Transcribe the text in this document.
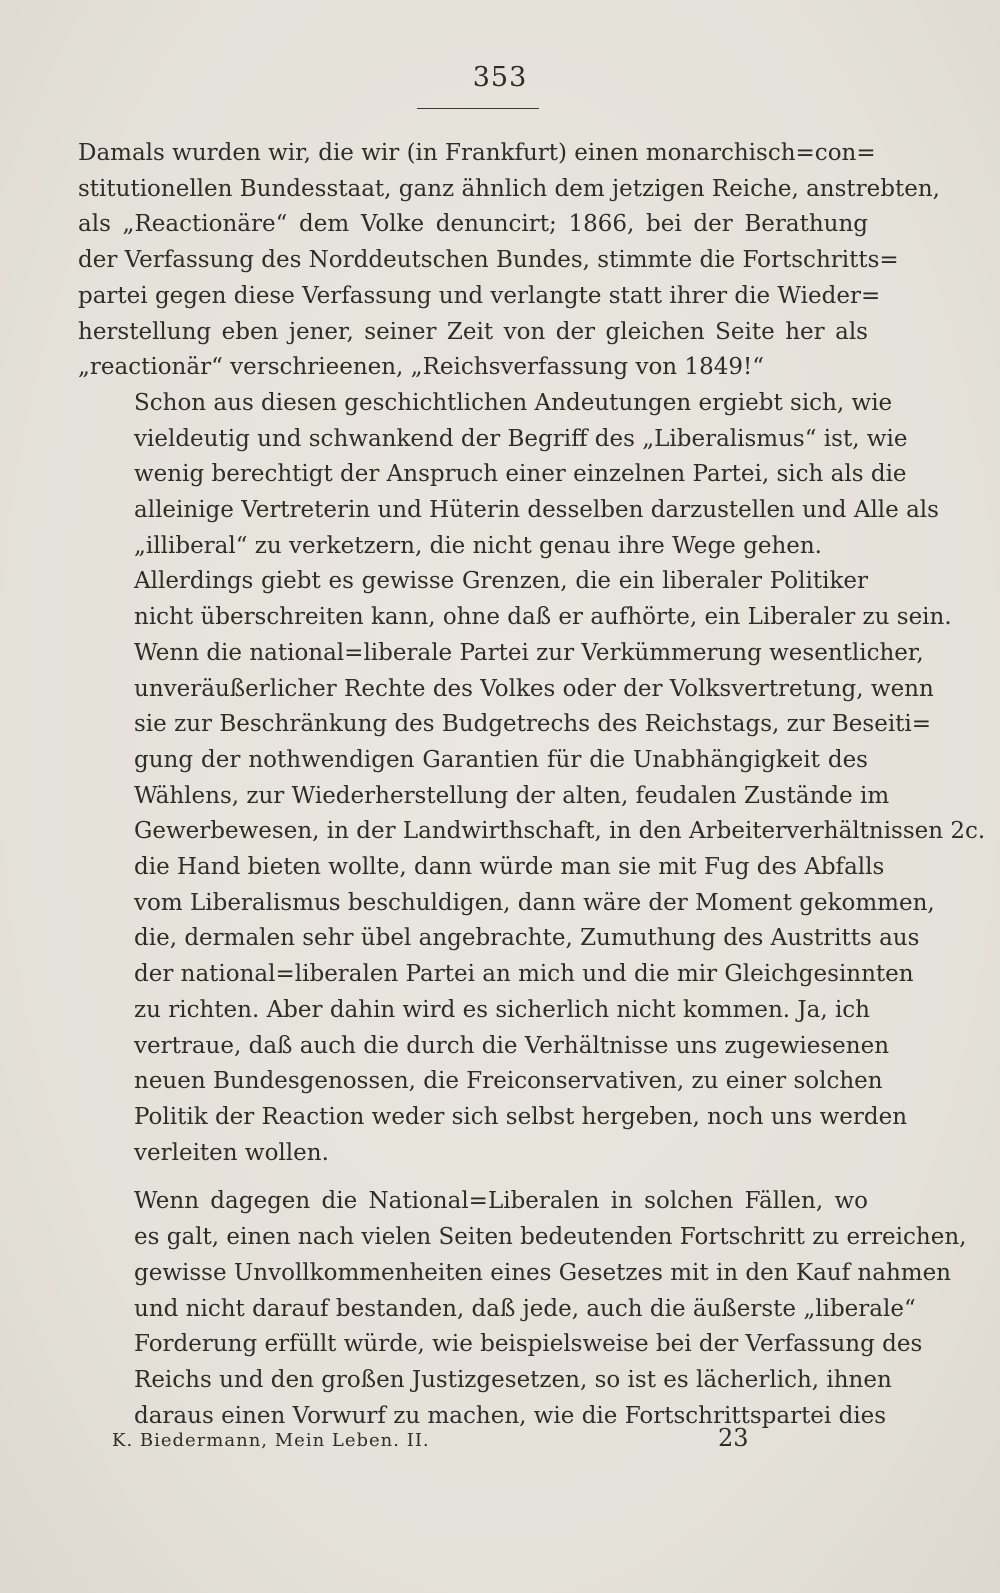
353

Damals wurden wir, die wir (in Frankfurt) einen monarchisch=con=
stitutionellen Bundesstaat, ganz ähnlich dem jetzigen Reiche, anstrebten,
als „Reactionäre“ dem Volke denuncirt; 1866, bei der Berathung
der Verfassung des Norddeutschen Bundes, stimmte die Fortschritts=
partei gegen diese Verfassung und verlangte statt ihrer die Wieder=
herstellung eben jener, seiner Zeit von der gleichen Seite her als
„reactionär“ verschrieenen, „Reichsverfassung von 1849!“

Schon aus diesen geschichtlichen Andeutungen ergiebt sich, wie
vieldeutig und schwankend der Begriff des „Liberalismus“ ist, wie
wenig berechtigt der Anspruch einer einzelnen Partei, sich als die
alleinige Vertreterin und Hüterin desselben darzustellen und Alle als
„illiberal“ zu verketzern, die nicht genau ihre Wege gehen.

Allerdings giebt es gewisse Grenzen, die ein liberaler Politiker
nicht überschreiten kann, ohne daß er aufhörte, ein Liberaler zu sein.
Wenn die national=liberale Partei zur Verkümmerung wesentlicher,
unveräußerlicher Rechte des Volkes oder der Volksvertretung, wenn
sie zur Beschränkung des Budgetrechs des Reichstags, zur Beseiti=
gung der nothwendigen Garantien für die Unabhängigkeit des
Wählens, zur Wiederherstellung der alten, feudalen Zustände im
Gewerbewesen, in der Landwirthschaft, in den Arbeiterverhältnissen 2c.
die Hand bieten wollte, dann würde man sie mit Fug des Abfalls
vom Liberalismus beschuldigen, dann wäre der Moment gekommen,
die, dermalen sehr übel angebrachte, Zumuthung des Austritts aus
der national=liberalen Partei an mich und die mir Gleichgesinnten
zu richten. Aber dahin wird es sicherlich nicht kommen. Ja, ich
vertraue, daß auch die durch die Verhältnisse uns zugewiesenen
neuen Bundesgenossen, die Freiconservativen, zu einer solchen
Politik der Reaction weder sich selbst hergeben, noch uns werden
verleiten wollen.

Wenn dagegen die National=Liberalen in solchen Fällen, wo
es galt, einen nach vielen Seiten bedeutenden Fortschritt zu erreichen,
gewisse Unvollkommenheiten eines Gesetzes mit in den Kauf nahmen
und nicht darauf bestanden, daß jede, auch die äußerste „liberale“
Forderung erfüllt würde, wie beispielsweise bei der Verfassung des
Reichs und den großen Justizgesetzen, so ist es lächerlich, ihnen
daraus einen Vorwurf zu machen, wie die Fortschrittspartei dies

K. Biedermann, Mein Leben. II.	23
